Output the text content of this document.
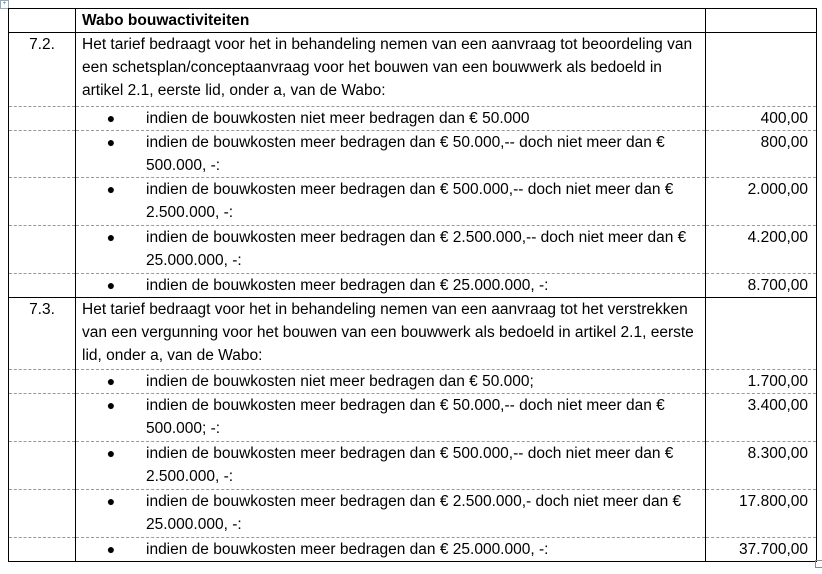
+
	Wabo bouwactiviteiten	
7.2.	Het tarief bedraagt voor het in behandeling nemen van een aanvraag tot beoordeling van een schetsplan/conceptaanvraag voor het bouwen van een bouwwerk als bedoeld in artikel 2.1, eerste lid, onder a, van de Wabo:	

	● indien de bouwkosten niet meer bedragen dan € 50.000	400,00

	● indien de bouwkosten meer bedragen dan € 50.000,-- doch niet meer dan € 500.000, -:	800,00

	● indien de bouwkosten meer bedragen dan € 500.000,-- doch niet meer dan € 2.500.000, -:	2.000,00

	● indien de bouwkosten meer bedragen dan € 2.500.000,-- doch niet meer dan € 25.000.000, -:	4.200,00

	● indien de bouwkosten meer bedragen dan € 25.000.000, -:	8.700,00
7.3.	Het tarief bedraagt voor het in behandeling nemen van een aanvraag tot het verstrekken van een vergunning voor het bouwen van een bouwwerk als bedoeld in artikel 2.1, eerste lid, onder a, van de Wabo:	

	● indien de bouwkosten niet meer bedragen dan € 50.000;	1.700,00

	● indien de bouwkosten meer bedragen dan € 50.000,-- doch niet meer dan € 500.000; -:	3.400,00

	● indien de bouwkosten meer bedragen dan € 500.000,-- doch niet meer dan € 2.500.000, -:	8.300,00

	● indien de bouwkosten meer bedragen dan € 2.500.000,- doch niet meer dan € 25.000.000, -:	17.800,00

	● indien de bouwkosten meer bedragen dan € 25.000.000, -:	37.700,00
